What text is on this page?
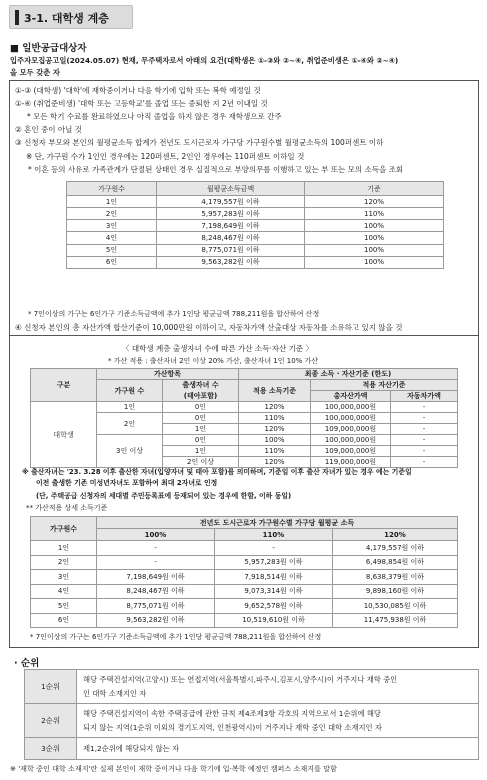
3-1. 대학생 계층
■ 일반공급대상자
입주자모집공고일(2024.05.07) 현재, 무주택자로서 아래의 요건(대학생은 ①-③와 ②~④, 취업준비생은 ①-④와 ②~④)
을 모두 갖춘 자
①-③ (대학생) '대학'에 재학중이거나 다음 학기에 입학 또는 복학 예정일 것
①-④ (취업준비생) '대학 또는 고등학교'를 졸업 또는 중퇴한 지 2년 이내일 것
* 모든 학기 수료를 완료하였으나 아직 졸업을 하지 않은 경우 재학생으로 간주
② 혼인 중이 아닐 것
③ 신청자 부모와 본인의 월평균소득 합계가 전년도 도시근로자 가구당 가구원수별 월평균소득의 100퍼센트 이하
※ 단, 가구원 수가 1인인 경우에는 120퍼센트, 2인인 경우에는 110퍼센트 이하일 것
* 이혼 등의 사유로 가족관계가 단절된 상태인 경우 실질적으로 부양의무를 이행하고 있는 부 또는 모의 소득을 조회
가구원수	월평균소득금액	기준
1인	4,179,557원 이하	120%
2인	5,957,283원 이하	110%
3인	7,198,649원 이하	100%
4인	8,248,467원 이하	100%
5인	8,775,071원 이하	100%
6인	9,563,282원 이하	100%
* 7인이상의 가구는 6인가구 기준소득금액에 추가 1인당 평균금액 788,211원을 합산하여 산정
④ 신청자 본인의 총 자산가액 합산기준이 10,000만원 이하이고, 자동차가액 산출대상 자동차를 소유하고 있지 않을 것
〈 대학생 계층 출생자녀 수에 따른 가산 소득·자산 기준 〉
* 가산 적용 : 출산자녀 2인 이상 20% 가산, 출산자녀 1인 10% 가산
구분	가산항목		최종 소득 · 자산기준 (한도)		
	가구원 수	출생자녀 수	적용 소득기준	적용 자산기준	
		(태아포함)		총자산가액	자동차가액
대학생	1인	0인	120%	100,000,000원	-
	2인	0인	110%	100,000,000원	-
		1인	120%	109,000,000원	-
	3인 이상	0인	100%	100,000,000원	-
		1인	110%	109,000,000원	-
		2인 이상	120%	119,000,000원	-
※ 출산자녀는 '23. 3.28 이후 출산한 자녀(입양자녀 및 태아 포함)를 의미하며, 기준일 이후 출산 자녀가 있는 경우 에는 기준일
이전 출생한 기존 미성년자녀도 포함하여 최대 2자녀로 인정
(단, 주택공급 신청자의 세대별 주민등록표에 등재되어 있는 경우에 한함, 이하 동일)
** 가산적용 상세 소득기준
가구원수	전년도 도시근로자 가구원수별 가구당 월평균 소득		
	100%	110%	120%
1인	-	-	4,179,557원 이하
2인	-	5,957,283원 이하	6,498,854원 이하
3인	7,198,649원 이하	7,918,514원 이하	8,638,379원 이하
4인	8,248,467원 이하	9,073,314원 이하	9,898,160원 이하
5인	8,775,071원 이하	9,652,578원 이하	10,530,085원 이하
6인	9,563,282원 이하	10,519,610원 이하	11,475,938원 이하
* 7인이상의 가구는 6인가구 기준소득금액에 추가 1인당 평균금액 788,211원을 합산하여 산정
· 순위
1순위	해당 주택건설지역(고양시) 또는 연접지역(서울특별시,파주시,김포시,양주시)이 거주지나 재학 중인
인 대학 소재지인 자

2순위	해당 주택건설지역이 속한 주택공급에 관한 규칙 제4조제3항 각호의 지역으로서 1순위에 해당
되지 않는 지역(1순위 이외의 경기도지역, 인천광역시)이 거주지나 재학 중인 대학 소재지인 자

3순위	제1,2순위에 해당되지 않는 자
※ '재학 중인 대학 소재지'란 실제 본인이 재학 중이거나 다음 학기에 입·복학 예정인 캠퍼스 소재지를 말함
